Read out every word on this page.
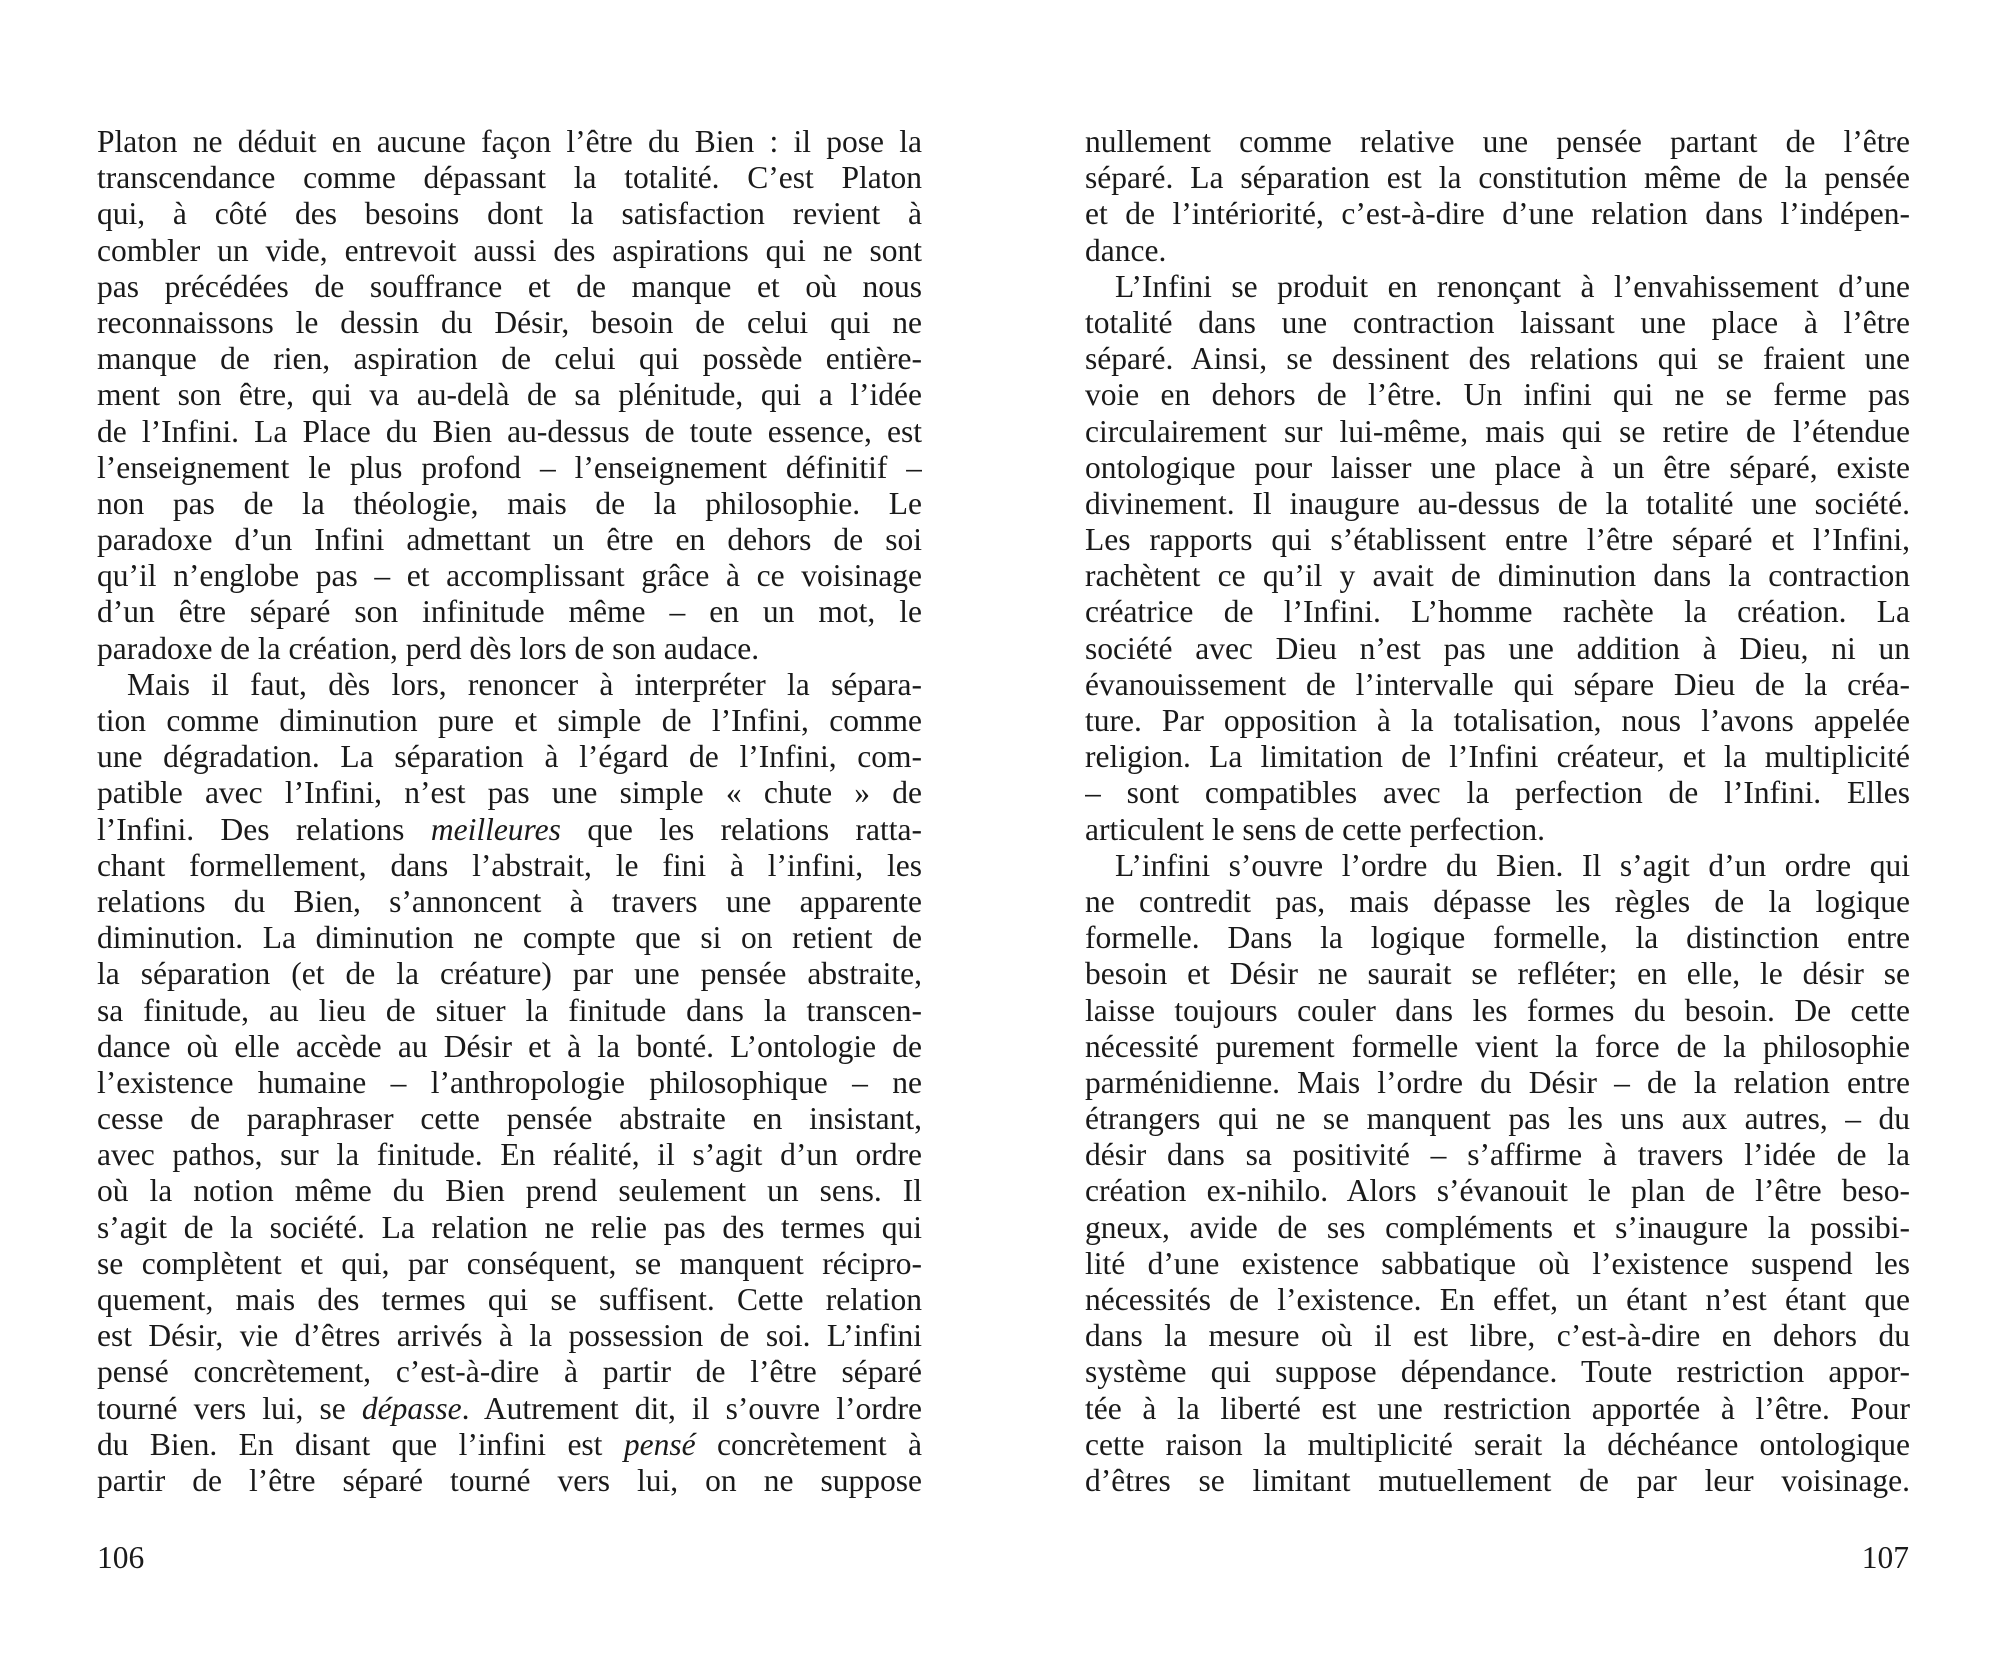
Platon ne déduit en aucune façon l’être du Bien : il pose la
transcendance comme dépassant la totalité. C’est Platon
qui, à côté des besoins dont la satisfaction revient à
combler un vide, entrevoit aussi des aspirations qui ne sont
pas précédées de souffrance et de manque et où nous
reconnaissons le dessin du Désir, besoin de celui qui ne
manque de rien, aspiration de celui qui possède entière-
ment son être, qui va au-delà de sa plénitude, qui a l’idée
de l’Infini. La Place du Bien au-dessus de toute essence, est
l’enseignement le plus profond – l’enseignement définitif –
non pas de la théologie, mais de la philosophie. Le
paradoxe d’un Infini admettant un être en dehors de soi
qu’il n’englobe pas – et accomplissant grâce à ce voisinage
d’un être séparé son infinitude même – en un mot, le
paradoxe de la création, perd dès lors de son audace.
Mais il faut, dès lors, renoncer à interpréter la sépara-
tion comme diminution pure et simple de l’Infini, comme
une dégradation. La séparation à l’égard de l’Infini, com-
patible avec l’Infini, n’est pas une simple « chute » de
l’Infini. Des relations meilleures que les relations ratta-
chant formellement, dans l’abstrait, le fini à l’infini, les
relations du Bien, s’annoncent à travers une apparente
diminution. La diminution ne compte que si on retient de
la séparation (et de la créature) par une pensée abstraite,
sa finitude, au lieu de situer la finitude dans la transcen-
dance où elle accède au Désir et à la bonté. L’ontologie de
l’existence humaine – l’anthropologie philosophique – ne
cesse de paraphraser cette pensée abstraite en insistant,
avec pathos, sur la finitude. En réalité, il s’agit d’un ordre
où la notion même du Bien prend seulement un sens. Il
s’agit de la société. La relation ne relie pas des termes qui
se complètent et qui, par conséquent, se manquent récipro-
quement, mais des termes qui se suffisent. Cette relation
est Désir, vie d’êtres arrivés à la possession de soi. L’infini
pensé concrètement, c’est-à-dire à partir de l’être séparé
tourné vers lui, se dépasse. Autrement dit, il s’ouvre l’ordre
du Bien. En disant que l’infini est pensé concrètement à
partir de l’être séparé tourné vers lui, on ne suppose
nullement comme relative une pensée partant de l’être
séparé. La séparation est la constitution même de la pensée
et de l’intériorité, c’est-à-dire d’une relation dans l’indépen-
dance.
L’Infini se produit en renonçant à l’envahissement d’une
totalité dans une contraction laissant une place à l’être
séparé. Ainsi, se dessinent des relations qui se fraient une
voie en dehors de l’être. Un infini qui ne se ferme pas
circulairement sur lui-même, mais qui se retire de l’étendue
ontologique pour laisser une place à un être séparé, existe
divinement. Il inaugure au-dessus de la totalité une société.
Les rapports qui s’établissent entre l’être séparé et l’Infini,
rachètent ce qu’il y avait de diminution dans la contraction
créatrice de l’Infini. L’homme rachète la création. La
société avec Dieu n’est pas une addition à Dieu, ni un
évanouissement de l’intervalle qui sépare Dieu de la créa-
ture. Par opposition à la totalisation, nous l’avons appelée
religion. La limitation de l’Infini créateur, et la multiplicité
– sont compatibles avec la perfection de l’Infini. Elles
articulent le sens de cette perfection.
L’infini s’ouvre l’ordre du Bien. Il s’agit d’un ordre qui
ne contredit pas, mais dépasse les règles de la logique
formelle. Dans la logique formelle, la distinction entre
besoin et Désir ne saurait se refléter; en elle, le désir se
laisse toujours couler dans les formes du besoin. De cette
nécessité purement formelle vient la force de la philosophie
parménidienne. Mais l’ordre du Désir – de la relation entre
étrangers qui ne se manquent pas les uns aux autres, – du
désir dans sa positivité – s’affirme à travers l’idée de la
création ex-nihilo. Alors s’évanouit le plan de l’être beso-
gneux, avide de ses compléments et s’inaugure la possibi-
lité d’une existence sabbatique où l’existence suspend les
nécessités de l’existence. En effet, un étant n’est étant que
dans la mesure où il est libre, c’est-à-dire en dehors du
système qui suppose dépendance. Toute restriction appor-
tée à la liberté est une restriction apportée à l’être. Pour
cette raison la multiplicité serait la déchéance ontologique
d’êtres se limitant mutuellement de par leur voisinage.
106	107
